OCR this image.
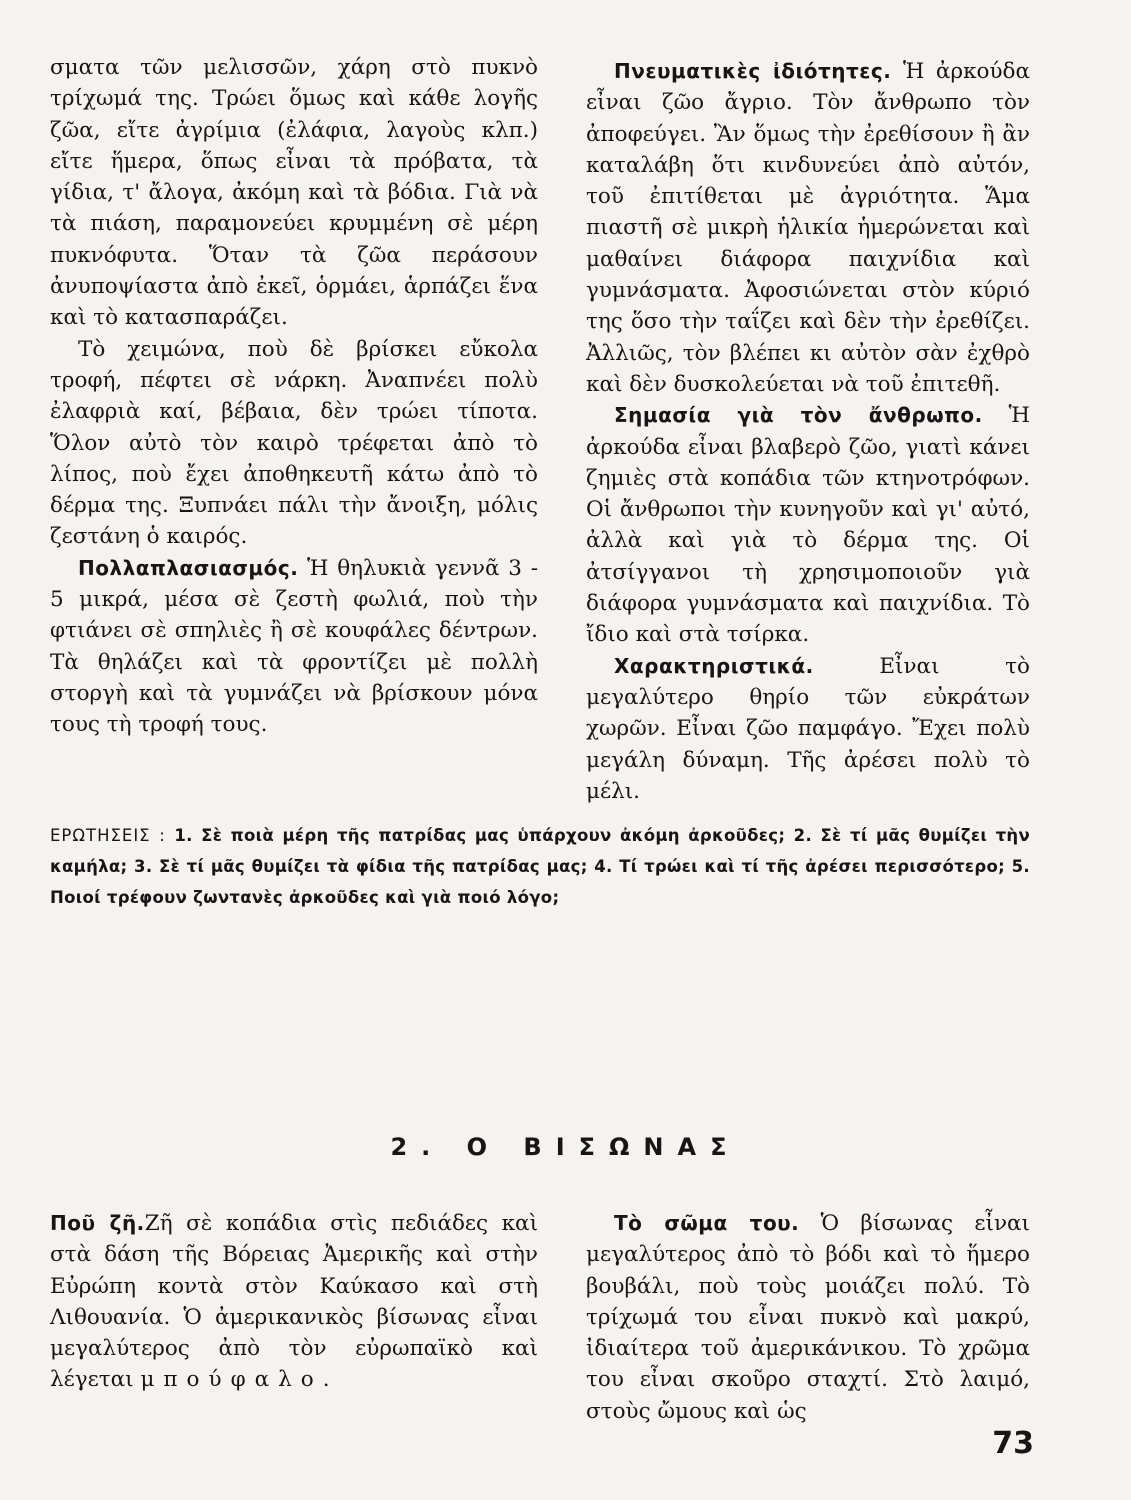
σματα τῶν μελισσῶν, χάρη στὸ πυκνὸ τρίχωμά της. Τρώει ὅμως καὶ κάθε λογῆς ζῶα, εἴτε ἀγρίμια (ἐλάφια, λαγοὺς κλπ.) εἴτε ἥμερα, ὅπως εἶναι τὰ πρόβατα, τὰ γίδια, τ' ἄλογα, ἀκόμη καὶ τὰ βόδια. Γιὰ νὰ τὰ πιάση, παραμονεύει κρυμμένη σὲ μέρη πυκνόφυτα. Ὅταν τὰ ζῶα περάσουν ἀνυποψίαστα ἀπὸ ἐκεῖ, ὁρμάει, ἁρπάζει ἕνα καὶ τὸ κατασπαράζει.

Τὸ χειμώνα, ποὺ δὲ βρίσκει εὔκολα τροφή, πέφτει σὲ νάρκη. Ἀναπνέει πολὺ ἐλαφριὰ καί, βέβαια, δὲν τρώει τίποτα. Ὅλον αὐτὸ τὸν καιρὸ τρέφεται ἀπὸ τὸ λίπος, ποὺ ἔχει ἀποθηκευτῆ κάτω ἀπὸ τὸ δέρμα της. Ξυπνάει πάλι τὴν ἄνοιξη, μόλις ζεστάνη ὁ καιρός.

Πολλαπλασιασμός. Ἡ θηλυκιὰ γεννᾶ 3 - 5 μικρά, μέσα σὲ ζεστὴ φωλιά, ποὺ τὴν φτιάνει σὲ σπηλιὲς ἢ σὲ κουφάλες δέντρων. Τὰ θηλάζει καὶ τὰ φροντίζει μὲ πολλὴ στοργὴ καὶ τὰ γυμνάζει νὰ βρίσκουν μόνα τους τὴ τροφή τους.

Πνευματικὲς ἰδιότητες. Ἡ ἀρκούδα εἶναι ζῶο ἄγριο. Τὸν ἄνθρωπο τὸν ἀποφεύγει. Ἂν ὅμως τὴν ἐρεθίσουν ἢ ἂν καταλάβη ὅτι κινδυνεύει ἀπὸ αὐτόν, τοῦ ἐπιτίθεται μὲ ἀγριότητα. Ἅμα πιαστῆ σὲ μικρὴ ἡλικία ἡμερώνεται καὶ μαθαίνει διάφορα παιχνίδια καὶ γυμνάσματα. Ἀφοσιώνεται στὸν κύριό της ὅσο τὴν ταΐζει καὶ δὲν τὴν ἐρεθίζει. Ἀλλιῶς, τὸν βλέπει κι αὐτὸν σὰν ἐχθρὸ καὶ δὲν δυσκολεύεται νὰ τοῦ ἐπιτεθῆ.

Σημασία γιὰ τὸν ἄνθρωπο. Ἡ ἀρκούδα εἶναι βλαβερὸ ζῶο, γιατὶ κάνει ζημιὲς στὰ κοπάδια τῶν κτηνοτρόφων. Οἱ ἄνθρωποι τὴν κυνηγοῦν καὶ γι' αὐτό, ἀλλὰ καὶ γιὰ τὸ δέρμα της. Οἱ ἀτσίγγανοι τὴ χρησιμοποιοῦν γιὰ διάφορα γυμνάσματα καὶ παιχνίδια. Τὸ ἴδιο καὶ στὰ τσίρκα.

Χαρακτηριστικά.	Εἶναι τὸ μεγαλύτερο θηρίο τῶν εὐκράτων χωρῶν. Εἶναι ζῶο παμφάγο. Ἔχει πολὺ μεγάλη δύναμη. Τῆς ἀρέσει πολὺ τὸ μέλι.

ΕΡΩΤΗΣΕΙΣ : 1. Σὲ ποιὰ μέρη τῆς πατρίδας μας ὑπάρχουν ἀκόμη ἀρκοῦδες; 2. Σὲ τί μᾶς θυμίζει τὴν καμήλα; 3. Σὲ τί μᾶς θυμίζει τὰ φίδια τῆς πατρίδας μας; 4. Τί τρώει καὶ τί τῆς ἀρέσει περισσότερο; 5. Ποιοί τρέφουν ζωντανὲς ἀρκοῦδες καὶ γιὰ ποιό λόγο;
2. Ο ΒΙΣΩΝΑΣ

Ποῦ ζῆ.Ζῆ σὲ κοπάδια στὶς πεδιάδες καὶ στὰ δάση τῆς Βόρειας Ἀμερικῆς καὶ στὴν Εὐρώπη κοντὰ στὸν Καύκασο καὶ στὴ Λιθουανία. Ὁ ἀμερικανικὸς βίσωνας εἶναι μεγαλύτερος ἀπὸ τὸν εὐρωπαϊκὸ καὶ λέγεται μπούφαλο.

Τὸ σῶμα του. Ὁ βίσωνας εἶναι μεγαλύτερος ἀπὸ τὸ βόδι καὶ τὸ ἥμερο βουβάλι, ποὺ τοὺς μοιάζει πολύ. Τὸ τρίχωμά του εἶναι πυκνὸ καὶ μακρύ, ἰδιαίτερα τοῦ ἀμερικάνικου. Τὸ χρῶμα του εἶναι σκοῦρο σταχτί. Στὸ λαιμό, στοὺς ὤμους καὶ ὡς

73
